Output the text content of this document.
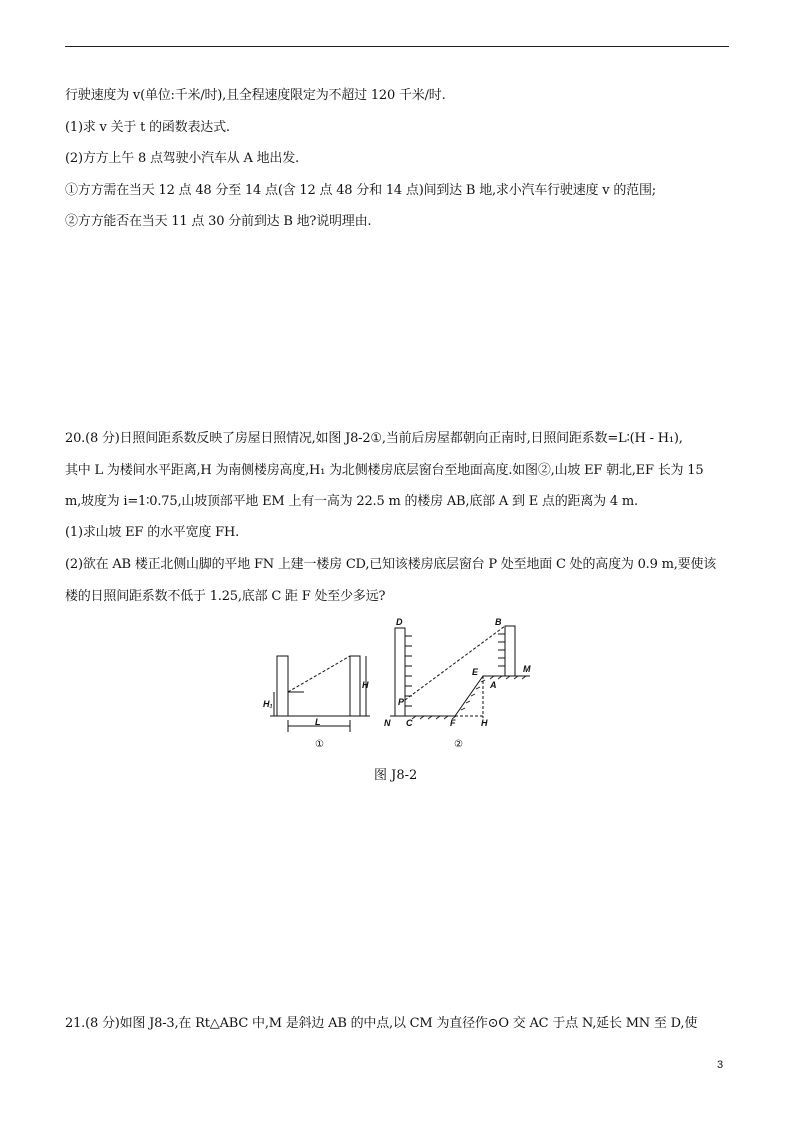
行驶速度为 v(单位:千米/时),且全程速度限定为不超过 120 千米/时.
(1)求 v 关于 t 的函数表达式.
(2)方方上午 8 点驾驶小汽车从 A 地出发.
①方方需在当天 12 点 48 分至 14 点(含 12 点 48 分和 14 点)间到达 B 地,求小汽车行驶速度 v 的范围;
②方方能否在当天 11 点 30 分前到达 B 地?说明理由.
20.(8 分)日照间距系数反映了房屋日照情况,如图 J8-2①,当前后房屋都朝向正南时,日照间距系数=L∶(H - H₁),
其中 L 为楼间水平距离,H 为南侧楼房高度,H₁ 为北侧楼房底层窗台至地面高度.如图②,山坡 EF 朝北,EF 长为 15
m,坡度为 i=1∶0.75,山坡顶部平地 EM 上有一高为 22.5 m 的楼房 AB,底部 A 到 E 点的距离为 4 m.
(1)求山坡 EF 的水平宽度 FH.
(2)欲在 AB 楼正北侧山脚的平地 FN 上建一楼房 CD,已知该楼房底层窗台 P 处至地面 C 处的高度为 0.9 m,要使该
楼的日照间距系数不低于 1.25,底部 C 距 F 处至少多远?
H₁
L
H
①
D	B
E	M
A
P
N C	F	H
②
图 J8-2
21.(8 分)如图 J8-3,在 Rt△ABC 中,M 是斜边 AB 的中点,以 CM 为直径作⊙O 交 AC 于点 N,延长 MN 至 D,使
3
